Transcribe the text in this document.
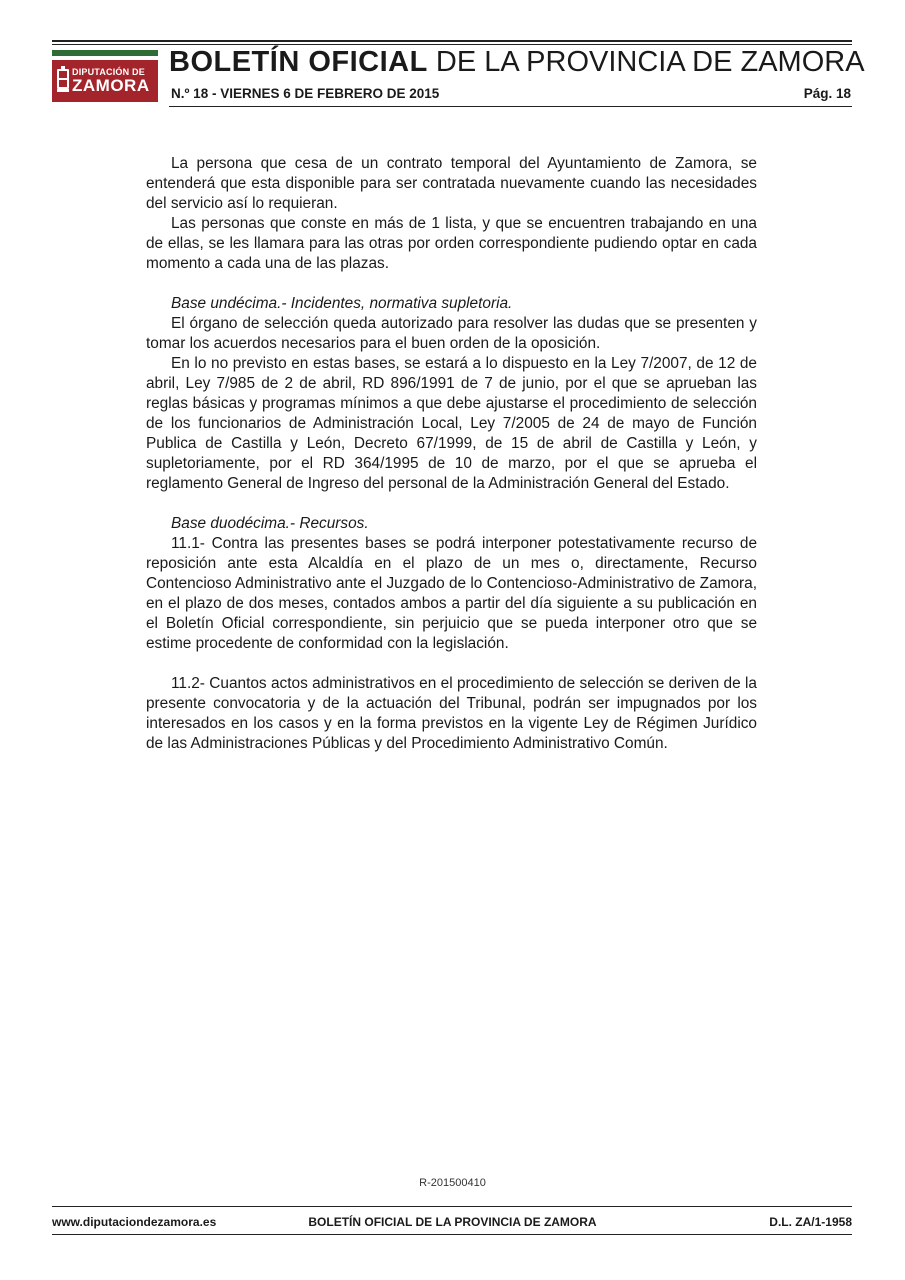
DIPUTACIÓN DE
ZAMORA
BOLETÍN OFICIAL DE LA PROVINCIA DE ZAMORA
N.º 18 - VIERNES 6 DE FEBRERO DE 2015	Pág. 18

La persona que cesa de un contrato temporal del Ayuntamiento de Zamora, se entenderá que esta disponible para ser contratada nuevamente cuando las necesidades del servicio así lo requieran.

Las personas que conste en más de 1 lista, y que se encuentren trabajando en una de ellas, se les llamara para las otras por orden correspondiente pudiendo optar en cada momento a cada una de las plazas.

Base undécima.- Incidentes, normativa supletoria.

El órgano de selección queda autorizado para resolver las dudas que se presenten y tomar los acuerdos necesarios para el buen orden de la oposición.

En lo no previsto en estas bases, se estará a lo dispuesto en la Ley 7/2007, de 12 de abril, Ley 7/985 de 2 de abril, RD 896/1991 de 7 de junio, por el que se aprueban las reglas básicas y programas mínimos a que debe ajustarse el procedimiento de selección de los funcionarios de Administración Local, Ley 7/2005 de 24 de mayo de Función Publica de Castilla y León, Decreto 67/1999, de 15 de abril de Castilla y León, y supletoriamente, por el RD 364/1995 de 10 de marzo, por el que se aprueba el reglamento General de Ingreso del personal de la Administración General del Estado.

Base duodécima.- Recursos.

11.1- Contra las presentes bases se podrá interponer potestativamente recurso de reposición ante esta Alcaldía en el plazo de un mes o, directamente, Recurso Contencioso Administrativo ante el Juzgado de lo Contencioso-Administrativo de Zamora, en el plazo de dos meses, contados ambos a partir del día siguiente a su publicación en el Boletín Oficial correspondiente, sin perjuicio que se pueda interponer otro que se estime procedente de conformidad con la legislación.

11.2- Cuantos actos administrativos en el procedimiento de selección se deriven de la presente convocatoria y de la actuación del Tribunal, podrán ser impugnados por los interesados en los casos y en la forma previstos en la vigente Ley de Régimen Jurídico de las Administraciones Públicas y del Procedimiento Administrativo Común.

R-201500410
www.diputaciondezamora.es	BOLETÍN OFICIAL DE LA PROVINCIA DE ZAMORA	D.L. ZA/1-1958
